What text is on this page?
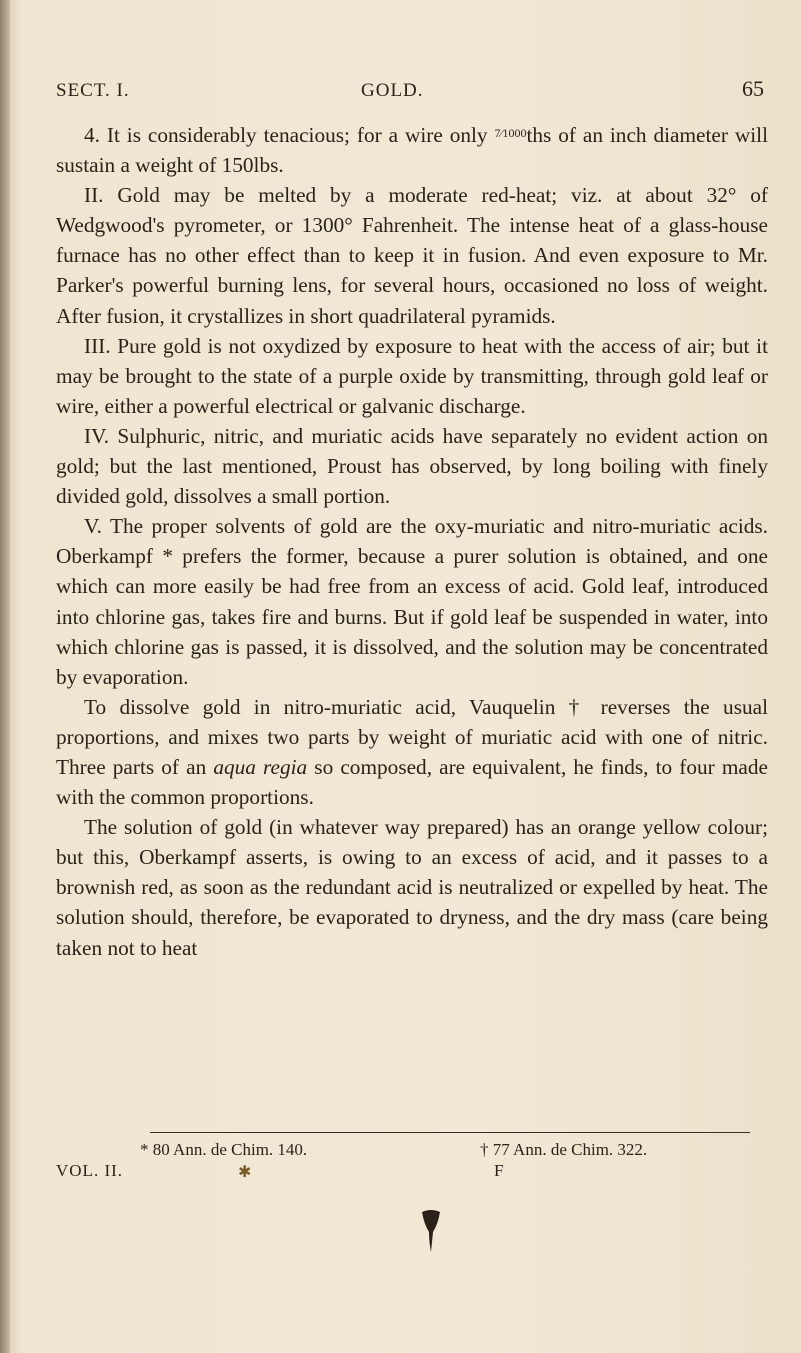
SECT. I.	GOLD.	65

4. It is considerably tenacious; for a wire only $^{7⁄1000}$ths of an inch diameter will sustain a weight of 150lbs.

II. Gold may be melted by a moderate red-heat; viz. at about 32° of Wedgwood's pyrometer, or 1300° Fahrenheit. The intense heat of a glass-house furnace has no other effect than to keep it in fusion. And even exposure to Mr. Parker's powerful burning lens, for several hours, occasioned no loss of weight. After fusion, it crystallizes in short quadrilateral pyramids.

III. Pure gold is not oxydized by exposure to heat with the access of air; but it may be brought to the state of a purple oxide by transmitting, through gold leaf or wire, either a powerful electrical or galvanic discharge.

IV. Sulphuric, nitric, and muriatic acids have separately no evident action on gold; but the last mentioned, Proust has observed, by long boiling with finely divided gold, dissolves a small portion.

V. The proper solvents of gold are the oxy-muriatic and nitro-muriatic acids. Oberkampf * prefers the former, because a purer solution is obtained, and one which can more easily be had free from an excess of acid. Gold leaf, introduced into chlorine gas, takes fire and burns. But if gold leaf be suspended in water, into which chlorine gas is passed, it is dissolved, and the solution may be concentrated by evaporation.

To dissolve gold in nitro-muriatic acid, Vauquelin † reverses the usual proportions, and mixes two parts by weight of muriatic acid with one of nitric. Three parts of an aqua regia so composed, are equivalent, he finds, to four made with the common proportions.

The solution of gold (in whatever way prepared) has an orange yellow colour; but this, Oberkampf asserts, is owing to an excess of acid, and it passes to a brownish red, as soon as the redundant acid is neutralized or expelled by heat. The solution should, therefore, be evaporated to dryness, and the dry mass (care being taken not to heat

* 80 Ann. de Chim. 140.	† 77 Ann. de Chim. 322.
VOL. II.	F
✱
